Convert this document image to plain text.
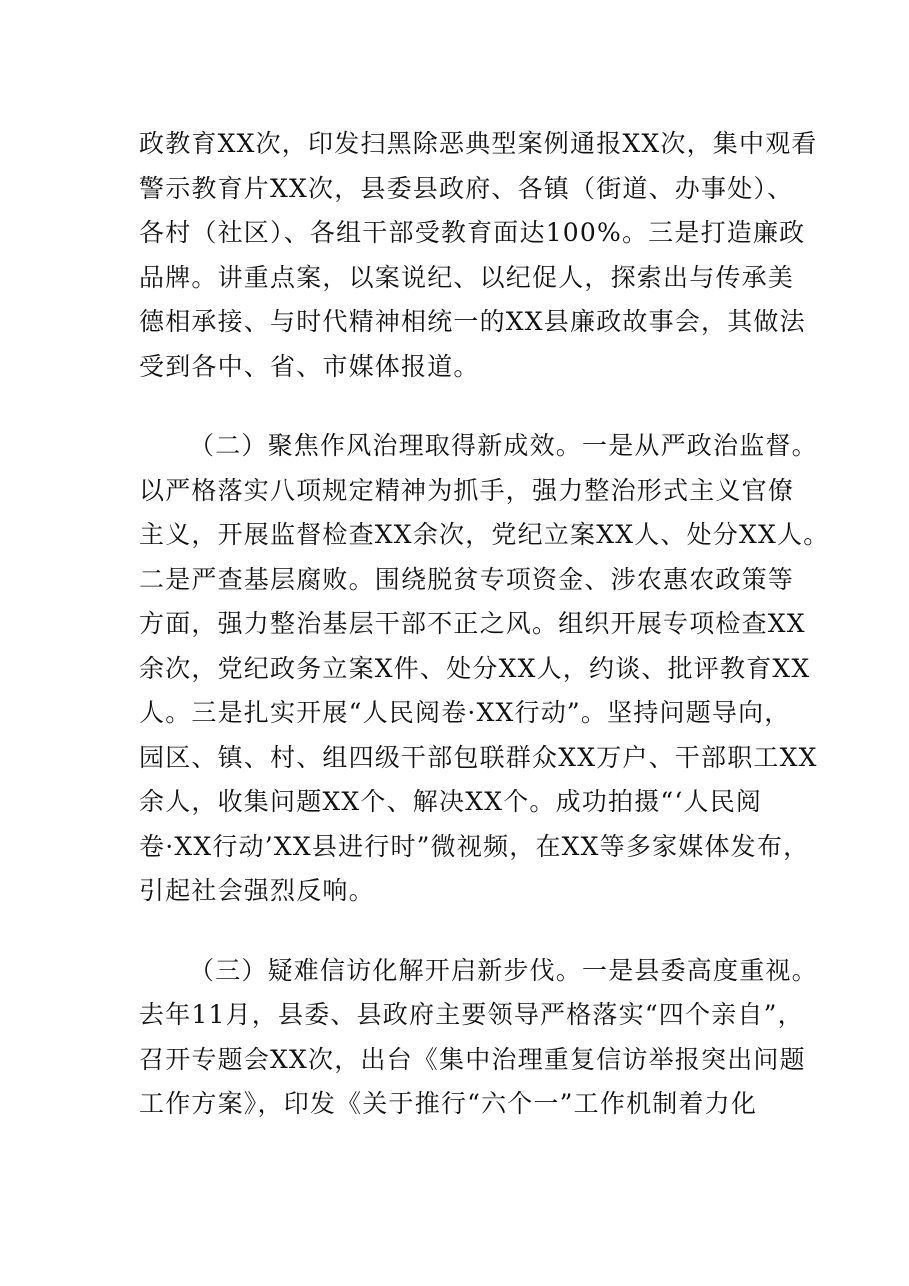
政教育XX次，印发扫黑除恶典型案例通报XX次，集中观看
警示教育片XX次，县委县政府、各镇（街道、办事处）、
各村（社区）、各组干部受教育面达100%。三是打造廉政
品牌。讲重点案，以案说纪、以纪促人，探索出与传承美
德相承接、与时代精神相统一的XX县廉政故事会，其做法
受到各中、省、市媒体报道。
（二）聚焦作风治理取得新成效。一是从严政治监督。
以严格落实八项规定精神为抓手，强力整治形式主义官僚
主义，开展监督检查XX余次，党纪立案XX人、处分XX人。
二是严查基层腐败。围绕脱贫专项资金、涉农惠农政策等
方面，强力整治基层干部不正之风。组织开展专项检查XX
余次，党纪政务立案X件、处分XX人，约谈、批评教育XX
人。三是扎实开展“人民阅卷·XX行动”。坚持问题导向，
园区、镇、村、组四级干部包联群众XX万户、干部职工XX
余人，收集问题XX个、解决XX个。成功拍摄“‘人民阅
卷·XX行动’XX县进行时”微视频，在XX等多家媒体发布，
引起社会强烈反响。
（三）疑难信访化解开启新步伐。一是县委高度重视。
去年11月，县委、县政府主要领导严格落实“四个亲自”，
召开专题会XX次，出台《集中治理重复信访举报突出问题
工作方案》，印发《关于推行“六个一”工作机制着力化
